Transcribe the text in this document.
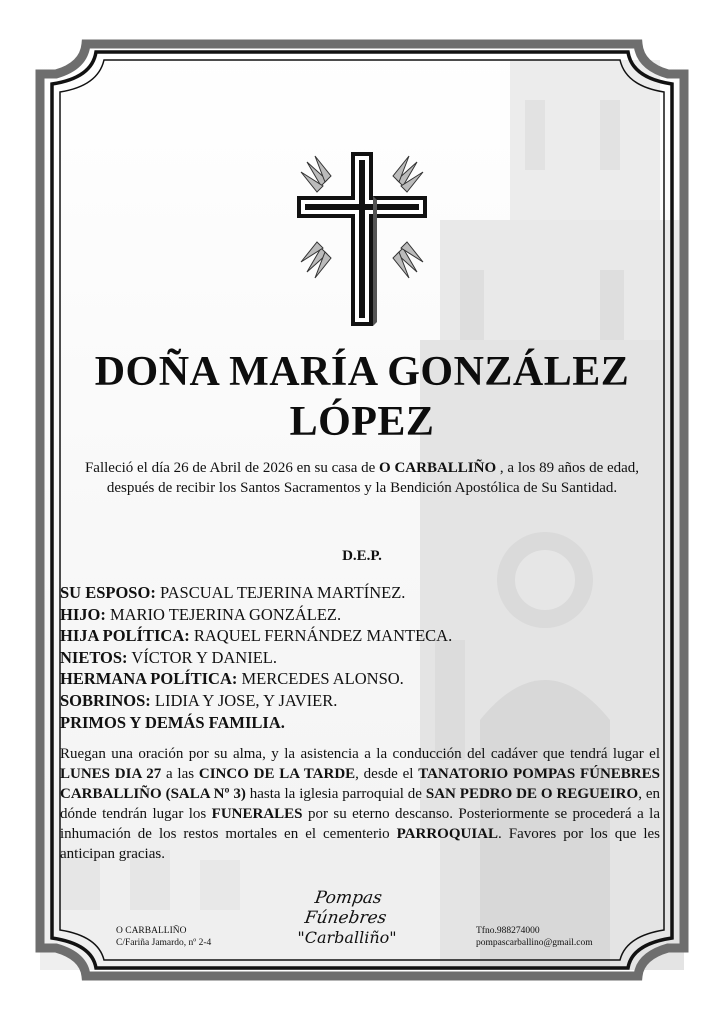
DOÑA MARÍA GONZÁLEZ
LÓPEZ
Falleció el día 26 de Abril de 2026 en su casa de O CARBALLIÑO , a los 89 años de edad, después de recibir los Santos Sacramentos y la Bendición Apostólica de Su Santidad.
D.E.P.
SU ESPOSO: PASCUAL TEJERINA MARTÍNEZ.
HIJO: MARIO TEJERINA GONZÁLEZ.
HIJA POLÍTICA: RAQUEL FERNÁNDEZ MANTECA.
NIETOS: VÍCTOR Y DANIEL.
HERMANA POLÍTICA: MERCEDES ALONSO.
SOBRINOS: LIDIA Y JOSE, Y JAVIER.
PRIMOS Y DEMÁS FAMILIA.
Ruegan una oración por su alma, y la asistencia a la conducción del cadáver que tendrá lugar el LUNES DIA 27 a las CINCO DE LA TARDE, desde el TANATORIO POMPAS FÚNEBRES CARBALLIÑO (SALA Nº 3) hasta la iglesia parroquial de SAN PEDRO DE O REGUEIRO, en dónde tendrán lugar los FUNERALES por su eterno descanso. Posteriormente se procederá a la inhumación de los restos mortales en el cementerio PARROQUIAL. Favores por los que les anticipan gracias.
O CARBALLIÑO
C/Fariña Jamardo, nº 2-4
Pompas Fúnebres
"Carballiño"	Tfno.988274000
pompascarballino@gmail.com
